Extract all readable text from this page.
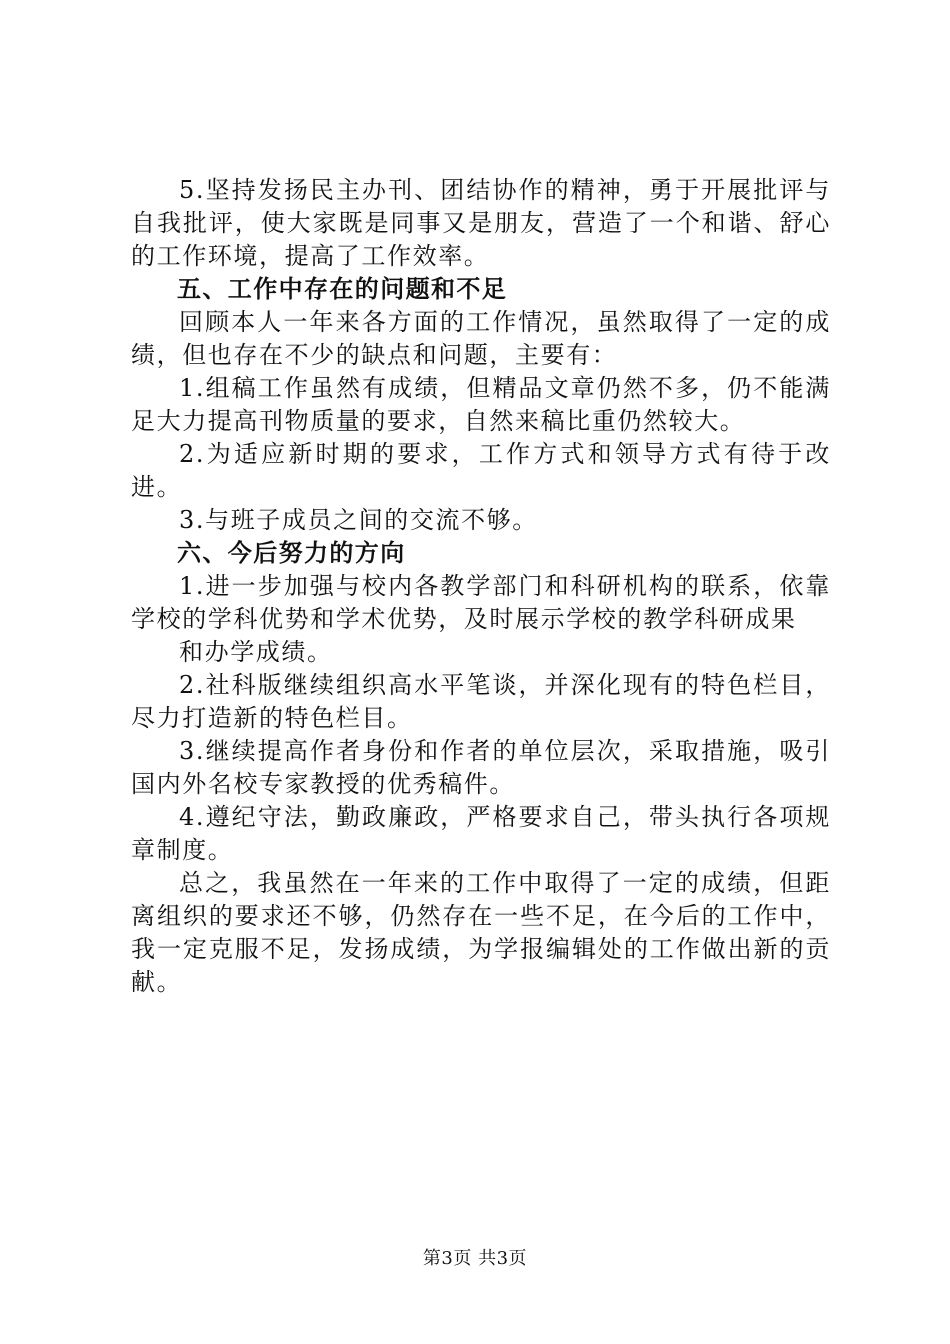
5.坚持发扬民主办刊、团结协作的精神，勇于开展批评与自我批评，使大家既是同事又是朋友，营造了一个和谐、舒心的工作环境，提高了工作效率。

五、工作中存在的问题和不足

回顾本人一年来各方面的工作情况，虽然取得了一定的成绩，但也存在不少的缺点和问题，主要有：

1.组稿工作虽然有成绩，但精品文章仍然不多，仍不能满足大力提高刊物质量的要求，自然来稿比重仍然较大。

2.为适应新时期的要求，工作方式和领导方式有待于改进。

3.与班子成员之间的交流不够。

六、今后努力的方向

1.进一步加强与校内各教学部门和科研机构的联系，依靠学校的学科优势和学术优势，及时展示学校的教学科研成果

和办学成绩。

2.社科版继续组织高水平笔谈，并深化现有的特色栏目，尽力打造新的特色栏目。

3.继续提高作者身份和作者的单位层次，采取措施，吸引国内外名校专家教授的优秀稿件。

4.遵纪守法，勤政廉政，严格要求自己，带头执行各项规章制度。

总之，我虽然在一年来的工作中取得了一定的成绩，但距离组织的要求还不够，仍然存在一些不足，在今后的工作中，我一定克服不足，发扬成绩，为学报编辑处的工作做出新的贡献。

第3页 共3页
